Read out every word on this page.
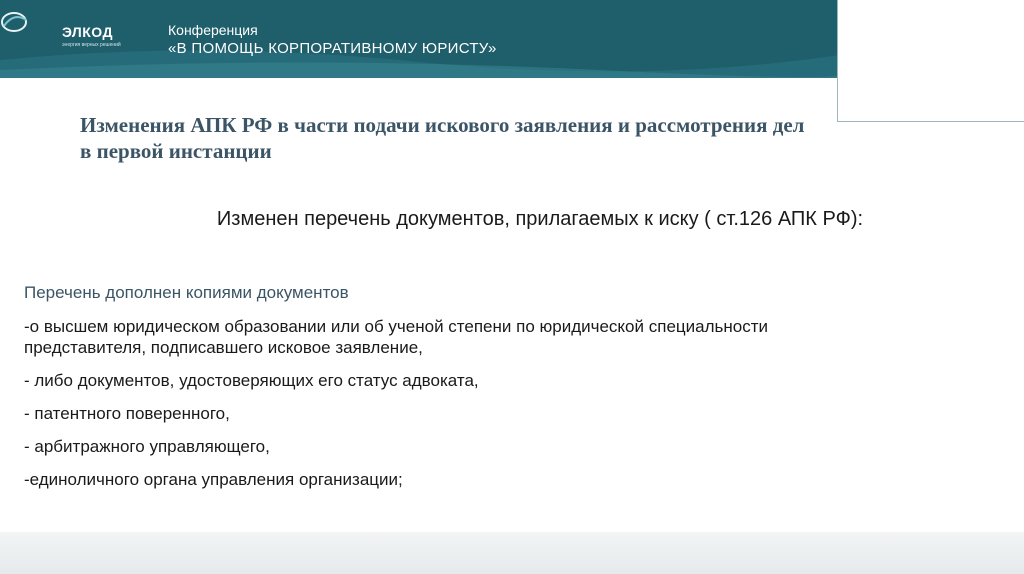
ЭЛКОД
энергия верных решений
Конференция
«В ПОМОЩЬ КОРПОРАТИВНОМУ ЮРИСТУ»
Изменения АПК РФ в части подачи искового заявления и рассмотрения дел в первой инстанции
Изменен перечень документов, прилагаемых к иску ( ст.126 АПК РФ):
Перечень дополнен копиями документов
-о высшем юридическом образовании или об ученой степени по юридической специальности представителя, подписавшего исковое заявление,
- либо документов, удостоверяющих его статус адвоката,
- патентного поверенного,
- арбитражного управляющего,
-единоличного органа управления организации;
